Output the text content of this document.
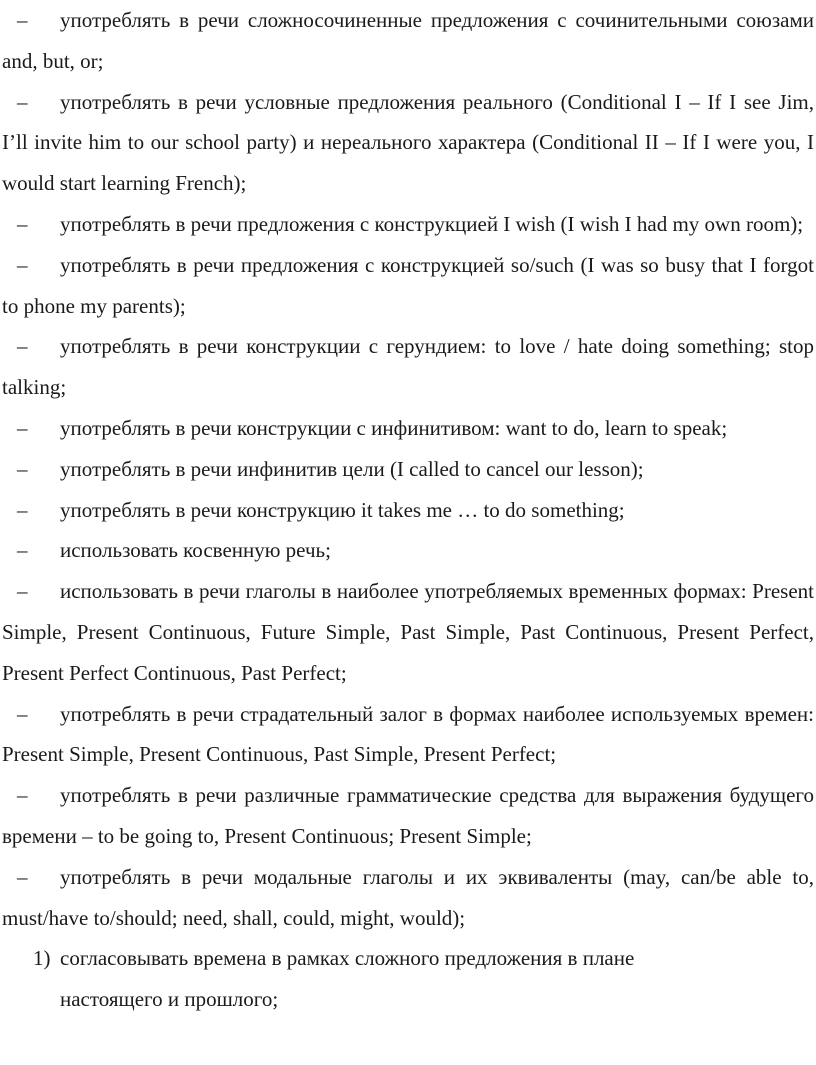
– употреблять в речи сложносочиненные предложения с сочинительными союзами and, but, or;

– употреблять в речи условные предложения реального (Conditional I – If I see Jim, I’ll invite him to our school party) и нереального характера (Conditional II – If I were you, I would start learning French);

– употреблять в речи предложения с конструкцией I wish (I wish I had my own room);

– употреблять в речи предложения с конструкцией so/such (I was so busy that I forgot to phone my parents);

– употреблять в речи конструкции с герундием: to love / hate doing something; stop talking;

– употреблять в речи конструкции с инфинитивом: want to do, learn to speak;

– употреблять в речи инфинитив цели (I called to cancel our lesson);

– употреблять в речи конструкцию it takes me … to do something;

– использовать косвенную речь;

– использовать в речи глаголы в наиболее употребляемых временных формах: Present Simple, Present Continuous, Future Simple, Past Simple, Past Continuous, Present Perfect, Present Perfect Continuous, Past Perfect;

– употреблять в речи страдательный залог в формах наиболее используемых времен: Present Simple, Present Continuous, Past Simple, Present Perfect;

– употреблять в речи различные грамматические средства для выражения будущего времени – to be going to, Present Continuous; Present Simple;

– употреблять в речи модальные глаголы и их эквиваленты (may, can/be able to, must/have to/should; need, shall, could, might, would);

1) согласовывать времена в рамках сложного предложения в плане настоящего и прошлого;
